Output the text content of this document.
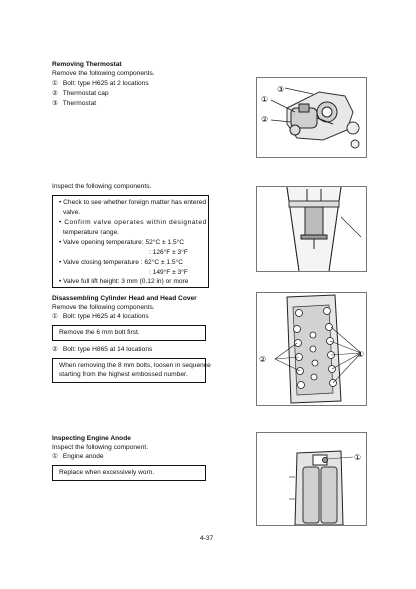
Removing Thermostat
Remove the following components.
① Bolt: type H625 at 2 locations
② Thermostat cap
③ Thermostat
③
①
②
Inspect the following components.
• Check to see whether foreign matter has entered
valve.
• Confirm valve operates within designated
temperature range.
• Valve opening temperature: 52°C ± 1.5°C
: 126°F ± 3°F
• Valve closing temperature : 62°C ± 1.5°C
: 149°F ± 3°F
• Valve full lift height: 3 mm (0.12 in) or more
Disassembling Cylinder Head and Head Cover
Remove the following components.
① Bolt: type H625 at 4 locations
Remove the 6 mm bolt first.
② Bolt: type H865 at 14 locations
When removing the 8 mm bolts, loosen in sequence
starting from the highest embossed number.
②
①
Inspecting Engine Anode
Inspect the following component.
① Engine anode
Replace when excessively worn.
①
4-37
